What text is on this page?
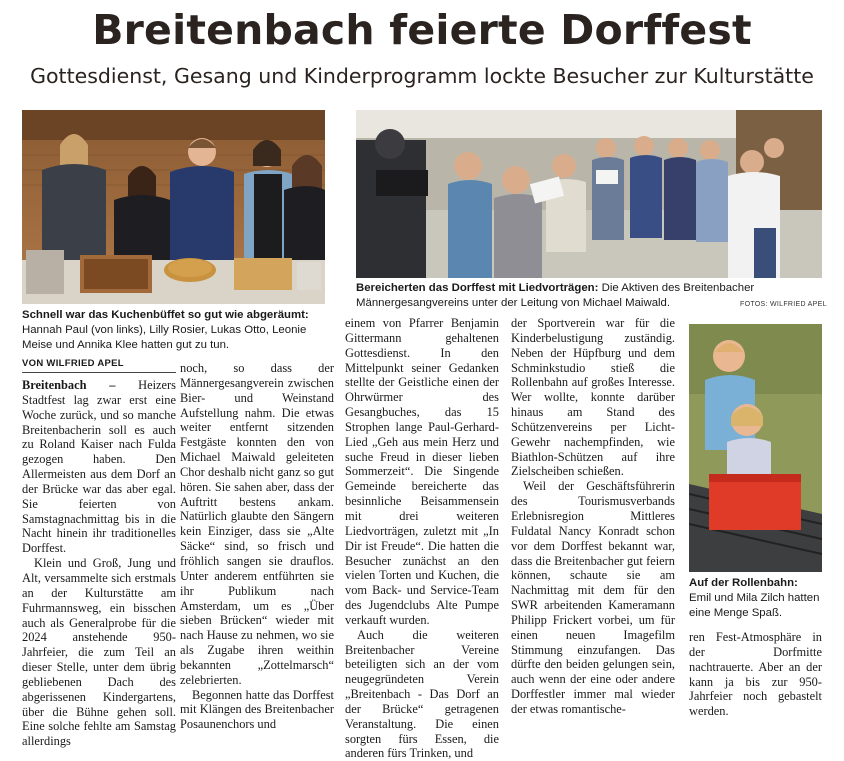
Breitenbach feierte Dorffest
Gottesdienst, Gesang und Kinderprogramm lockte Besucher zur Kulturstätte
Schnell war das Kuchenbüffet so gut wie abgeräumt: Hannah Paul (von links), Lilly Rosier, Lukas Otto, Leonie Meise und Annika Klee hatten gut zu tun.
Bereicherten das Dorffest mit Liedvorträgen: Die Aktiven des Breitenbacher Männergesangvereins unter der Leitung von Michael Maiwald.	FOTOS: WILFRIED APEL
Auf der Rollenbahn: Emil und Mila Zilch hatten eine Menge Spaß.
VON WILFRIED APEL

Breitenbach – Heizers Stadtfest lag zwar erst eine Woche zurück, und so manche Breitenbacherin soll es auch zu Roland Kaiser nach Fulda gezogen haben. Den Allermeisten aus dem Dorf an der Brücke war das aber egal. Sie feierten von Samstagnachmittag bis in die Nacht hinein ihr traditionelles Dorffest.

Klein und Groß, Jung und Alt, versammelte sich erstmals an der Kulturstätte am Fuhrmannsweg, ein bisschen auch als Generalprobe für die 2024 anstehende 950-Jahrfeier, die zum Teil an dieser Stelle, unter dem übrig gebliebenen Dach des abgerissenen Kindergartens, über die Bühne gehen soll. Eine solche fehlte am Samstag allerdings

noch, so dass der Männergesangverein zwischen Bier- und Weinstand Aufstellung nahm. Die etwas weiter entfernt sitzenden Festgäste konnten den von Michael Maiwald geleiteten Chor deshalb nicht ganz so gut hören. Sie sahen aber, dass der Auftritt bestens ankam. Natürlich glaubte den Sängern kein Einziger, dass sie „Alte Säcke“ sind, so frisch und fröhlich sangen sie drauflos. Unter anderem entführten sie ihr Publikum nach Amsterdam, um es „Über sieben Brücken“ wieder mit nach Hause zu nehmen, wo sie als Zugabe ihren weithin bekannten „Zottelmarsch“ zelebrierten.

Begonnen hatte das Dorffest mit Klängen des Breitenbacher Posaunenchors und

einem von Pfarrer Benjamin Gittermann gehaltenen Gottesdienst. In den Mittelpunkt seiner Gedanken stellte der Geistliche einen der Ohrwürmer des Gesangbuches, das 15 Strophen lange Paul-Gerhard-Lied „Geh aus mein Herz und suche Freud in dieser lieben Sommerzeit“. Die Singende Gemeinde bereicherte das besinnliche Beisammensein mit drei weiteren Liedvorträgen, zuletzt mit „In Dir ist Freude“. Die hatten die Besucher zunächst an den vielen Torten und Kuchen, die vom Back- und Service-Team des Jugendclubs Alte Pumpe verkauft wurden.

Auch die weiteren Breitenbacher Vereine beteiligten sich an der vom neugegründeten Verein „Breitenbach - Das Dorf an der Brücke“ getragenen Veranstaltung. Die einen sorgten fürs Essen, die anderen fürs Trinken, und

der Sportverein war für die Kinderbelustigung zuständig. Neben der Hüpfburg und dem Schminkstudio stieß die Rollenbahn auf großes Interesse. Wer wollte, konnte darüber hinaus am Stand des Schützenvereins per Licht-Gewehr nachempfinden, wie Biathlon-Schützen auf ihre Zielscheiben schießen.

Weil der Geschäftsführerin des Tourismusverbands Erlebnisregion Mittleres Fuldatal Nancy Konradt schon vor dem Dorffest bekannt war, dass die Breitenbacher gut feiern können, schaute sie am Nachmittag mit dem für den SWR arbeitenden Kameramann Philipp Frickert vorbei, um für einen neuen Imagefilm Stimmung einzufangen. Das dürfte den beiden gelungen sein, auch wenn der eine oder andere Dorffestler immer mal wieder der etwas romantische-

ren Fest-Atmosphäre in der Dorfmitte nachtrauerte. Aber an der kann ja bis zur 950-Jahrfeier noch gebastelt werden.
